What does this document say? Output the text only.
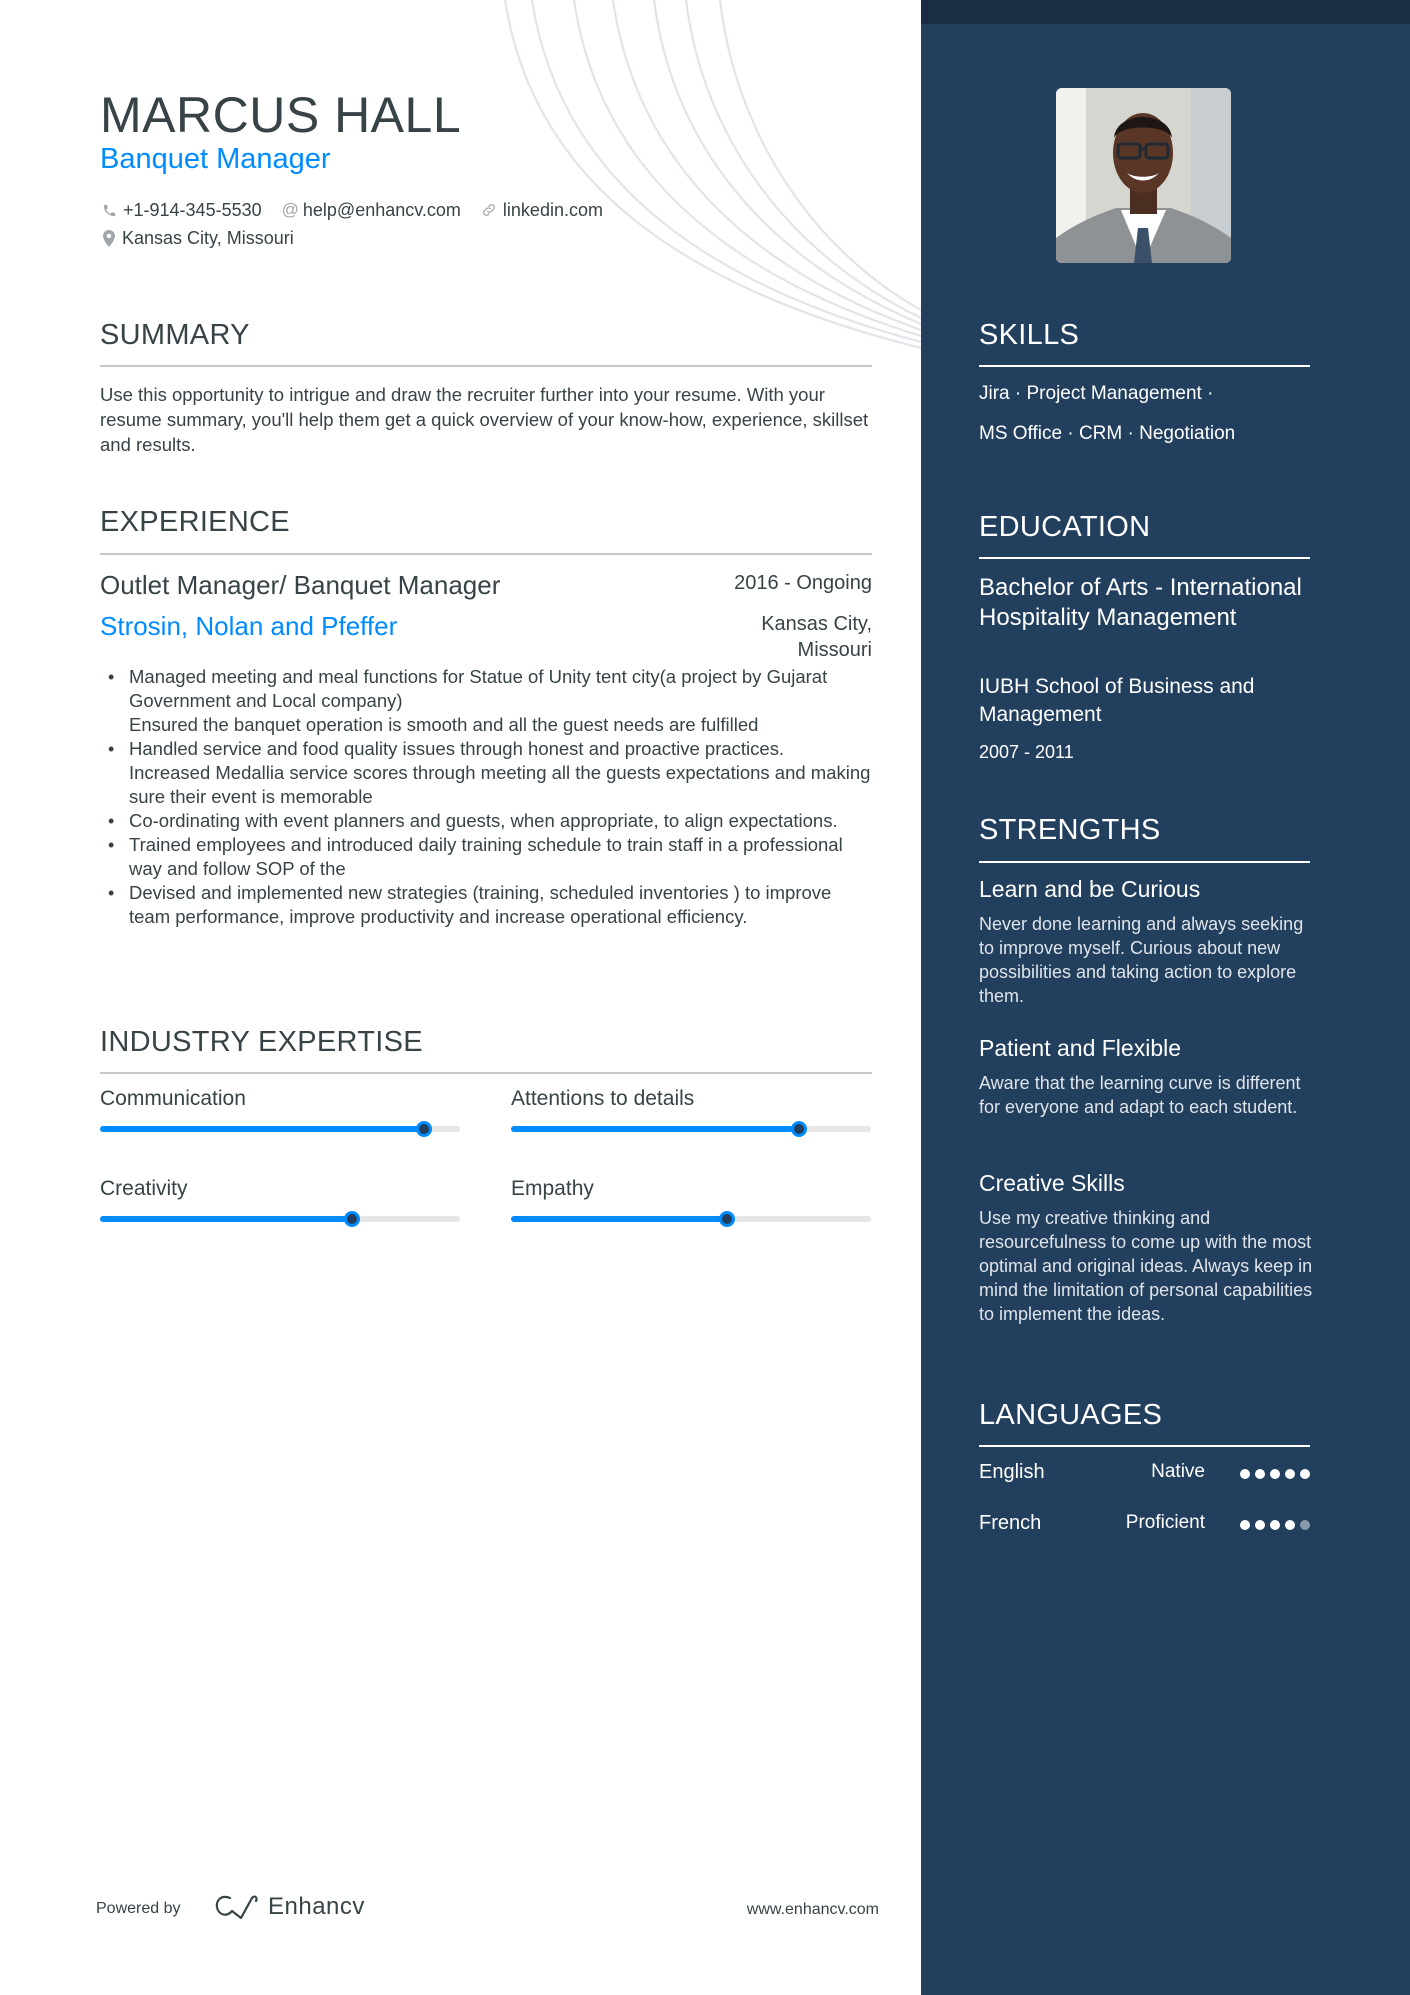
MARCUS HALL
Banquet Manager
+1-914-345-5530 @ help@enhancv.com linkedin.com
Kansas City, Missouri
SUMMARY
Use this opportunity to intrigue and draw the recruiter further into your resume. With your resume summary, you'll help them get a quick overview of your know-how, experience, skillset and results.
EXPERIENCE
Outlet Manager/ Banquet Manager	2016 - Ongoing
Strosin, Nolan and Pfeffer	Kansas City, Missouri
• Managed meeting and meal functions for Statue of Unity tent city(a project by Gujarat Government and Local company)
Ensured the banquet operation is smooth and all the guest needs are fulfilled
• Handled service and food quality issues through honest and proactive practices.
Increased Medallia service scores through meeting all the guests expectations and making sure their event is memorable
• Co-ordinating with event planners and guests, when appropriate, to align expectations.
• Trained employees and introduced daily training schedule to train staff in a professional way and follow SOP of the
• Devised and implemented new strategies (training, scheduled inventories ) to improve team performance, improve productivity and increase operational efficiency.
INDUSTRY EXPERTISE
Communication	Attentions to details
Creativity	Empathy
Powered by	Enhancv	www.enhancv.com
SKILLS
Jira · Project Management ·
MS Office · CRM · Negotiation
EDUCATION
Bachelor of Arts - International Hospitality Management
IUBH School of Business and Management
2007 - 2011
STRENGTHS
Learn and be Curious
Never done learning and always seeking to improve myself. Curious about new possibilities and taking action to explore them.
Patient and Flexible
Aware that the learning curve is different for everyone and adapt to each student.
Creative Skills
Use my creative thinking and resourcefulness to come up with the most optimal and original ideas. Always keep in mind the limitation of personal capabilities to implement the ideas.
LANGUAGES
English	Native
French	Proficient
